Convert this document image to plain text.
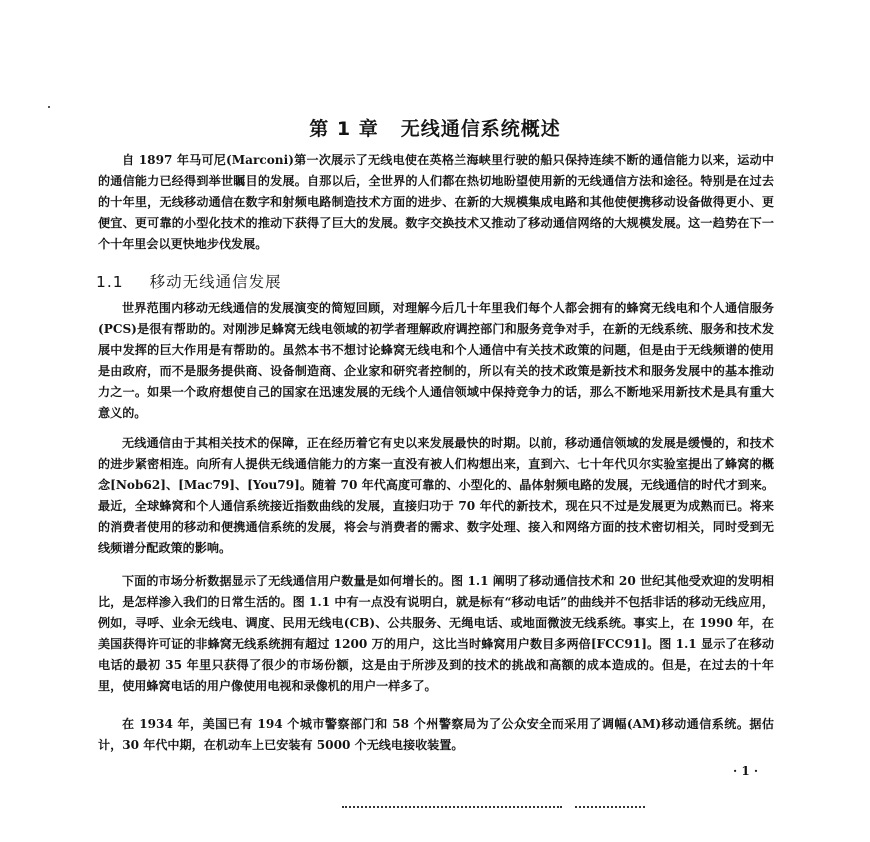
第 1 章 无线通信系统概述

自 1897 年马可尼(Marconi)第一次展示了无线电使在英格兰海峡里行驶的船只保持连续不断的通信能力以来，运动中的通信能力已经得到举世瞩目的发展。自那以后，全世界的人们都在热切地盼望使用新的无线通信方法和途径。特别是在过去的十年里，无线移动通信在数字和射频电路制造技术方面的进步、在新的大规模集成电路和其他使便携移动设备做得更小、更便宜、更可靠的小型化技术的推动下获得了巨大的发展。数字交换技术又推动了移动通信网络的大规模发展。这一趋势在下一个十年里会以更快地步伐发展。

1.1 移动无线通信发展

世界范围内移动无线通信的发展演变的简短回顾，对理解今后几十年里我们每个人都会拥有的蜂窝无线电和个人通信服务(PCS)是很有帮助的。对刚涉足蜂窝无线电领域的初学者理解政府调控部门和服务竞争对手，在新的无线系统、服务和技术发展中发挥的巨大作用是有帮助的。虽然本书不想讨论蜂窝无线电和个人通信中有关技术政策的问题，但是由于无线频谱的使用是由政府，而不是服务提供商、设备制造商、企业家和研究者控制的，所以有关的技术政策是新技术和服务发展中的基本推动力之一。如果一个政府想使自己的国家在迅速发展的无线个人通信领域中保持竞争力的话，那么不断地采用新技术是具有重大意义的。

无线通信由于其相关技术的保障，正在经历着它有史以来发展最快的时期。以前，移动通信领域的发展是缓慢的，和技术的进步紧密相连。向所有人提供无线通信能力的方案一直没有被人们构想出来，直到六、七十年代贝尔实验室提出了蜂窝的概念[Nob62]、[Mac79]、[You79]。随着 70 年代高度可靠的、小型化的、晶体射频电路的发展，无线通信的时代才到来。最近，全球蜂窝和个人通信系统接近指数曲线的发展，直接归功于 70 年代的新技术，现在只不过是发展更为成熟而已。将来的消费者使用的移动和便携通信系统的发展，将会与消费者的需求、数字处理、接入和网络方面的技术密切相关，同时受到无线频谱分配政策的影响。

下面的市场分析数据显示了无线通信用户数量是如何增长的。图 1.1 阐明了移动通信技术和 20 世纪其他受欢迎的发明相比，是怎样渗入我们的日常生活的。图 1.1 中有一点没有说明白，就是标有“移动电话”的曲线并不包括非话的移动无线应用，例如，寻呼、业余无线电、调度、民用无线电(CB)、公共服务、无绳电话、或地面微波无线系统。事实上，在 1990 年，在美国获得许可证的非蜂窝无线系统拥有超过 1200 万的用户，这比当时蜂窝用户数目多两倍[FCC91]。图 1.1 显示了在移动电话的最初 35 年里只获得了很少的市场份额，这是由于所涉及到的技术的挑战和高额的成本造成的。但是，在过去的十年里，使用蜂窝电话的用户像使用电视和录像机的用户一样多了。

在 1934 年，美国已有 194 个城市警察部门和 58 个州警察局为了公众安全而采用了调幅(AM)移动通信系统。据估计，30 年代中期，在机动车上已安装有 5000 个无线电接收装置。

· 1 ·
